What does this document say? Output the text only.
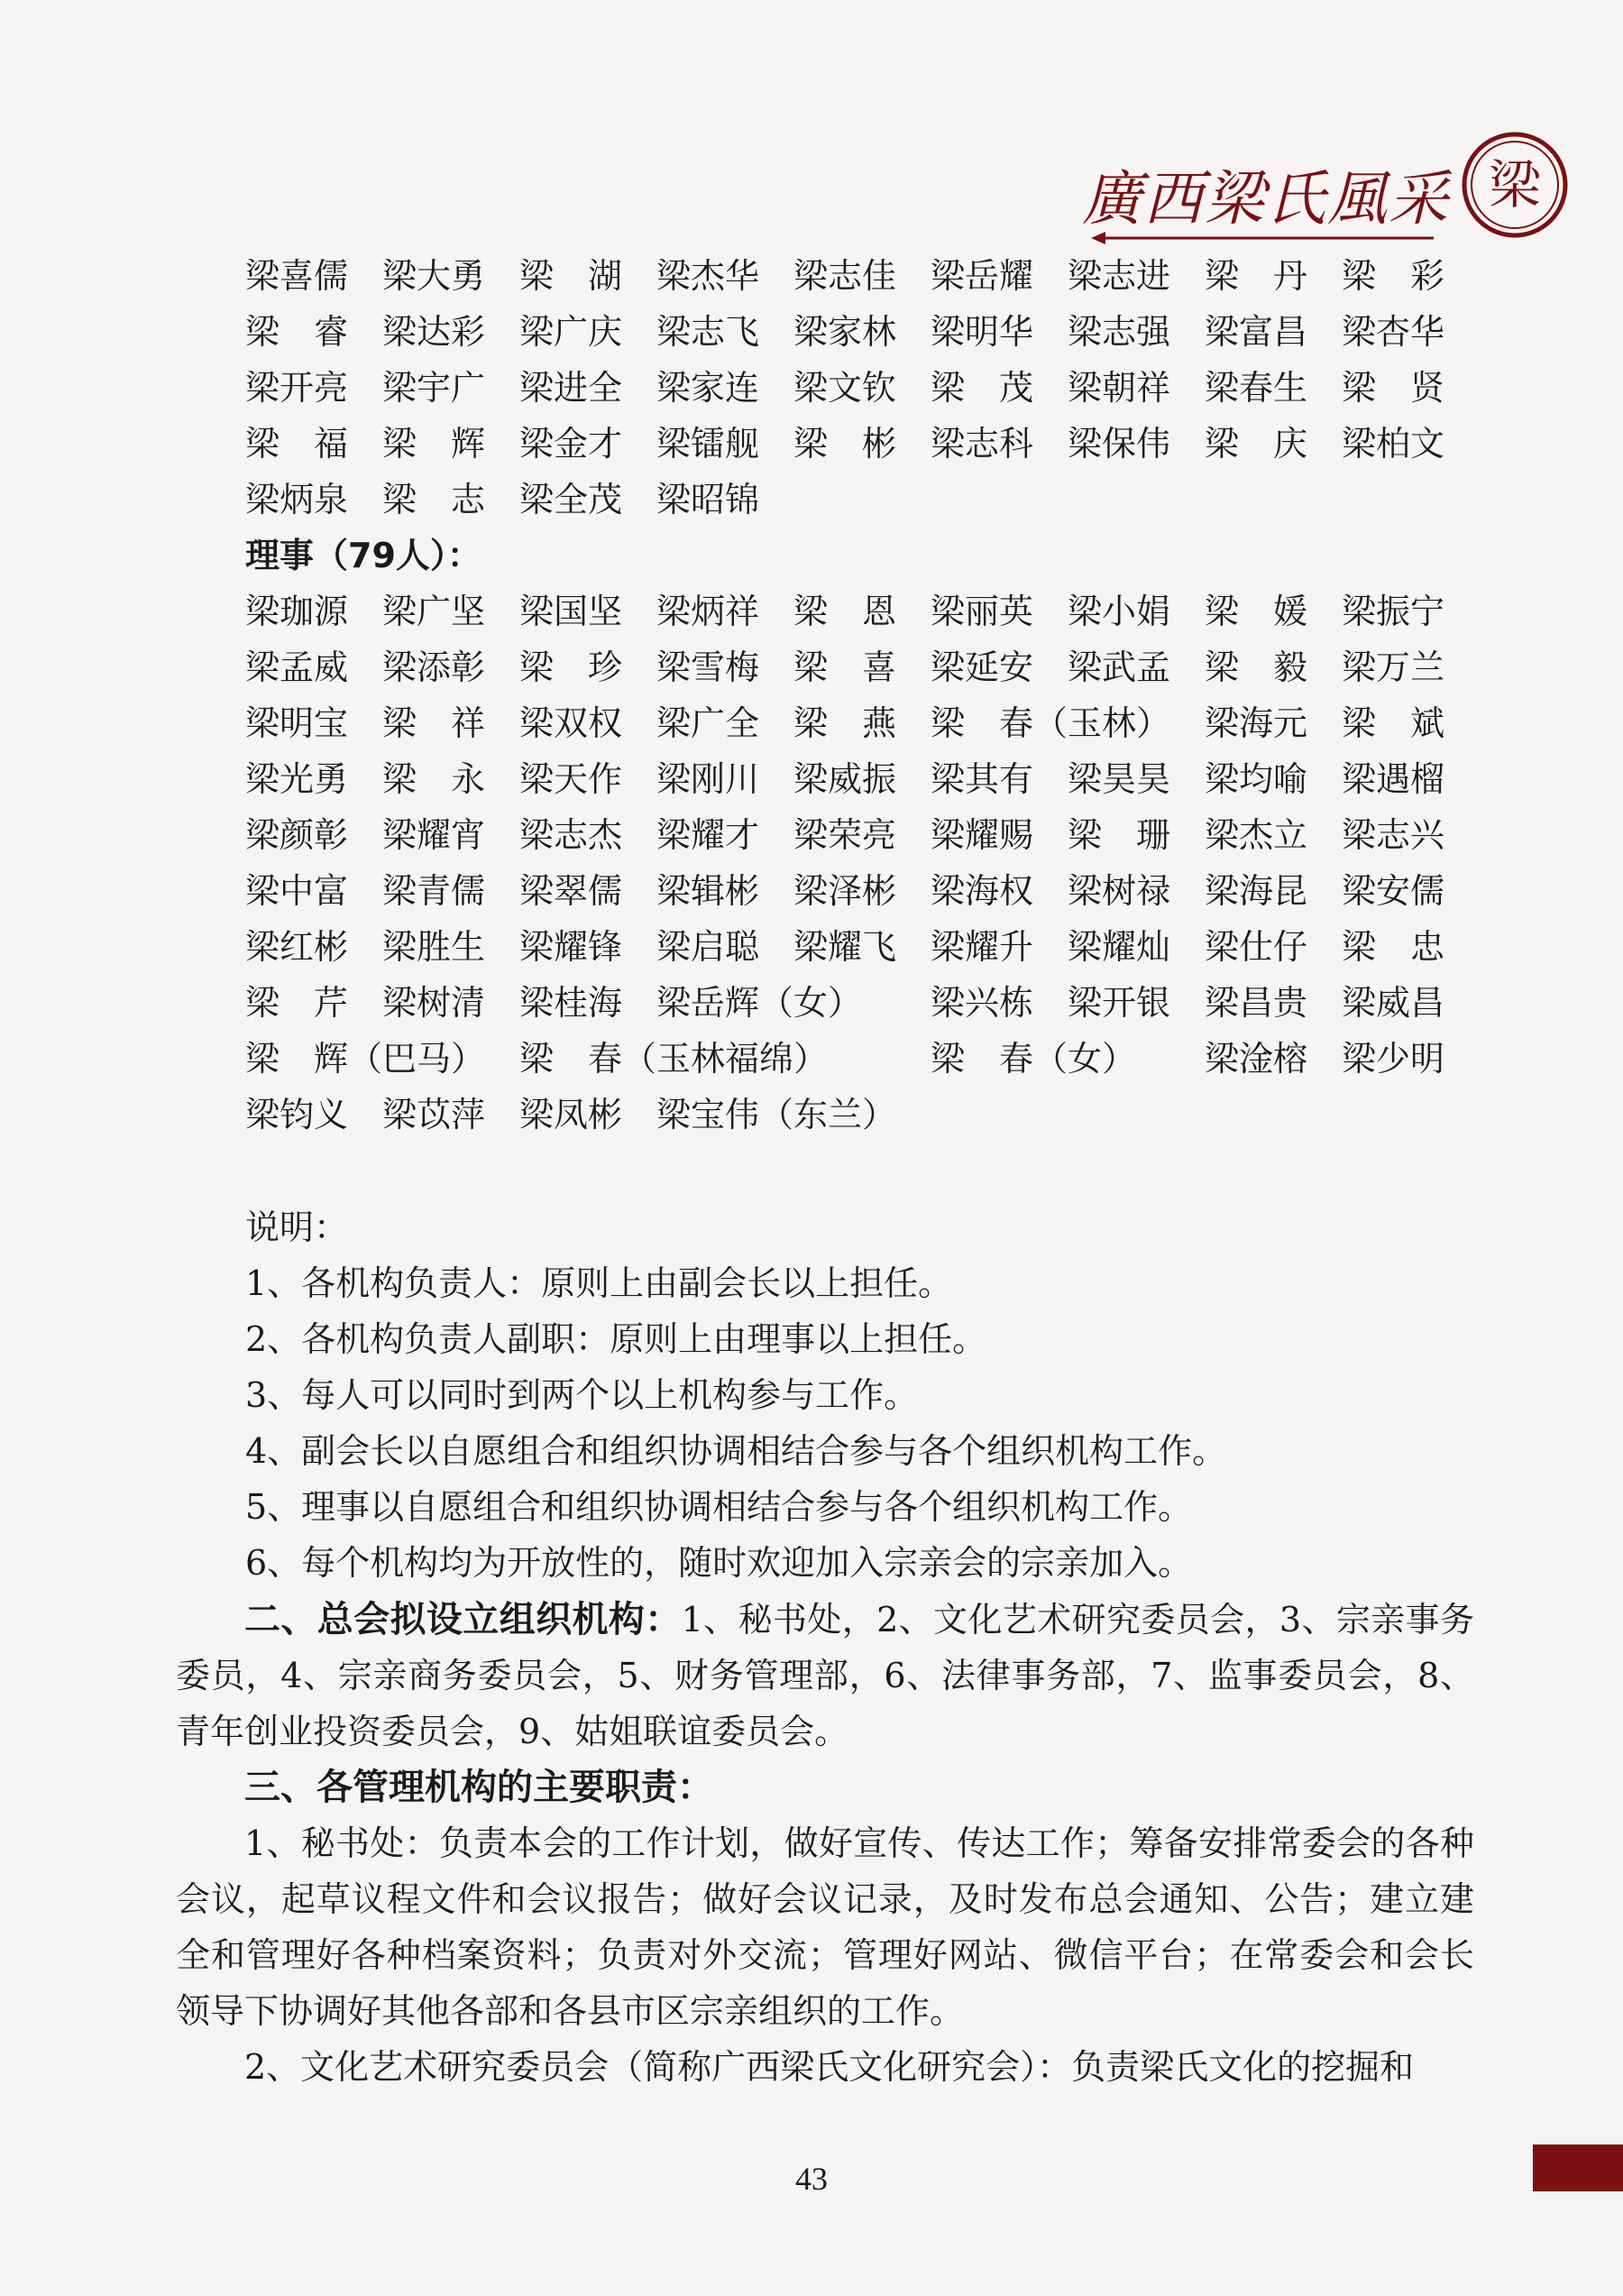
廣西梁氏風采 梁
梁喜儒 梁大勇 梁　湖 梁杰华 梁志佳 梁岳耀 梁志进 梁　丹 梁　彩
梁　睿 梁达彩 梁广庆 梁志飞 梁家林 梁明华 梁志强 梁富昌 梁杏华
梁开亮 梁宇广 梁进全 梁家连 梁文钦 梁　茂 梁朝祥 梁春生 梁　贤
梁　福 梁　辉 梁金才 梁镭舰 梁　彬 梁志科 梁保伟 梁　庆 梁柏文
梁炳泉 梁　志 梁全茂 梁昭锦
理事（79人）：
梁珈源 梁广坚 梁国坚 梁炳祥 梁　恩 梁丽英 梁小娟 梁　媛 梁振宁
梁孟威 梁添彰 梁　珍 梁雪梅 梁　喜 梁延安 梁武孟 梁　毅 梁万兰
梁明宝 梁　祥 梁双权 梁广全 梁　燕 梁　春（玉林） 梁海元 梁　斌
梁光勇 梁　永 梁天作 梁刚川 梁威振 梁其有 梁昊昊 梁均喻 梁遇榴
梁颜彰 梁耀宵 梁志杰 梁耀才 梁荣亮 梁耀赐 梁　珊 梁杰立 梁志兴
梁中富 梁青儒 梁翠儒 梁辑彬 梁泽彬 梁海权 梁树禄 梁海昆 梁安儒
梁红彬 梁胜生 梁耀锋 梁启聪 梁耀飞 梁耀升 梁耀灿 梁仕仔 梁　忠
梁　芹 梁树清 梁桂海 梁岳辉（女） 梁兴栋 梁开银 梁昌贵 梁威昌
梁　辉（巴马） 梁　春（玉林福绵）	梁　春（女） 梁淦榕 梁少明
梁钧义 梁苡萍 梁凤彬 梁宝伟（东兰）
说明：
1、各机构负责人：原则上由副会长以上担任。
2、各机构负责人副职：原则上由理事以上担任。
3、每人可以同时到两个以上机构参与工作。
4、副会长以自愿组合和组织协调相结合参与各个组织机构工作。
5、理事以自愿组合和组织协调相结合参与各个组织机构工作。
6、每个机构均为开放性的，随时欢迎加入宗亲会的宗亲加入。

二、总会拟设立组织机构：1、秘书处，2、文化艺术研究委员会，3、宗亲事务委员，4、宗亲商务委员会，5、财务管理部，6、法律事务部，7、监事委员会，8、青年创业投资委员会，9、姑姐联谊委员会。

三、各管理机构的主要职责：

1、秘书处：负责本会的工作计划，做好宣传、传达工作；筹备安排常委会的各种会议，起草议程文件和会议报告；做好会议记录，及时发布总会通知、公告；建立建全和管理好各种档案资料；负责对外交流；管理好网站、微信平台；在常委会和会长领导下协调好其他各部和各县市区宗亲组织的工作。

2、文化艺术研究委员会（简称广西梁氏文化研究会）：负责梁氏文化的挖掘和

43
